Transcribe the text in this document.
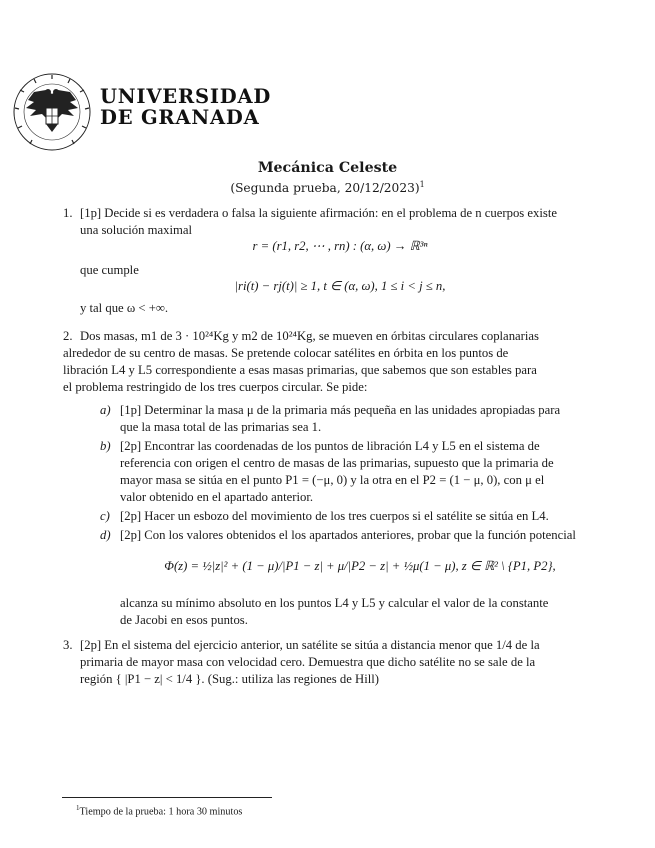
UNIVERSIDAD
DE GRANADA
Mecánica Celeste
(Segunda prueba, 20/12/2023)$^1$
1. [1p] Decide si es verdadera o falsa la siguiente afirmación: en el problema de n cuerpos existe
una solución maximal
r = (r1, r2, ⋯ , rn) : (α, ω) → ℝ³ⁿ
que cumple
|ri(t) − rj(t)| ≥ 1, t ∈ (α, ω), 1 ≤ i < j ≤ n,
y tal que ω < +∞.
2. Dos masas, m1 de 3 · 10²⁴Kg y m2 de 10²⁴Kg, se mueven en órbitas circulares coplanarias
alrededor de su centro de masas. Se pretende colocar satélites en órbita en los puntos de
libración L4 y L5 correspondiente a esas masas primarias, que sabemos que son estables para
el problema restringido de los tres cuerpos circular. Se pide:
a) [1p] Determinar la masa μ de la primaria más pequeña en las unidades apropiadas para
que la masa total de las primarias sea 1.
b) [2p] Encontrar las coordenadas de los puntos de libración L4 y L5 en el sistema de
referencia con origen el centro de masas de las primarias, supuesto que la primaria de
mayor masa se sitúa en el punto P1 = (−μ, 0) y la otra en el P2 = (1 − μ, 0), con μ el
valor obtenido en el apartado anterior.
c) [2p] Hacer un esbozo del movimiento de los tres cuerpos si el satélite se sitúa en L4.
d) [2p] Con los valores obtenidos el los apartados anteriores, probar que la función potencial
Φ(z) = ½|z|² + (1 − μ)/|P1 − z| + μ/|P2 − z| + ½μ(1 − μ), z ∈ ℝ² \ {P1, P2},
alcanza su mínimo absoluto en los puntos L4 y L5 y calcular el valor de la constante
de Jacobi en esos puntos.
3. [2p] En el sistema del ejercicio anterior, un satélite se sitúa a distancia menor que 1/4 de la
primaria de mayor masa con velocidad cero. Demuestra que dicho satélite no se sale de la
región { |P1 − z| < 1/4 }. (Sug.: utiliza las regiones de Hill)
$^1$Tiempo de la prueba: 1 hora 30 minutos
